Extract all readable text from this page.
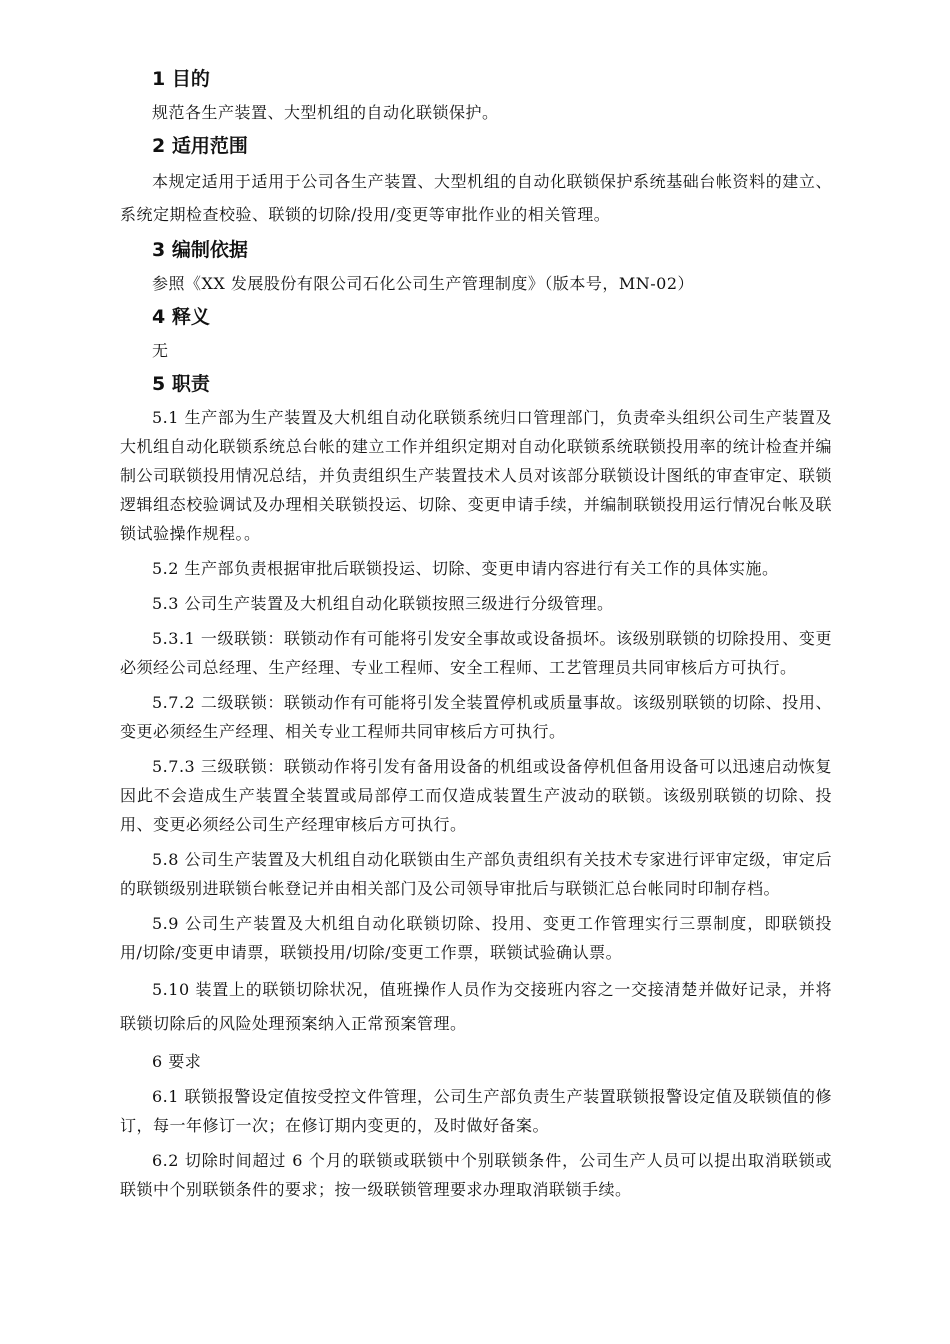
1 目的

规范各生产装置、大型机组的自动化联锁保护。

2 适用范围

本规定适用于适用于公司各生产装置、大型机组的自动化联锁保护系统基础台帐资料的建立、系统定期检查校验、联锁的切除/投用/变更等审批作业的相关管理。

3 编制依据

参照《XX 发展股份有限公司石化公司生产管理制度》（版本号，MN-02）

4 释义

无

5 职责

5.1 生产部为生产装置及大机组自动化联锁系统归口管理部门，负责牵头组织公司生产装置及大机组自动化联锁系统总台帐的建立工作并组织定期对自动化联锁系统联锁投用率的统计检查并编制公司联锁投用情况总结，并负责组织生产装置技术人员对该部分联锁设计图纸的审查审定、联锁逻辑组态校验调试及办理相关联锁投运、切除、变更申请手续，并编制联锁投用运行情况台帐及联锁试验操作规程。。

5.2 生产部负责根据审批后联锁投运、切除、变更申请内容进行有关工作的具体实施。

5.3 公司生产装置及大机组自动化联锁按照三级进行分级管理。

5.3.1 一级联锁：联锁动作有可能将引发安全事故或设备损坏。该级别联锁的切除投用、变更必须经公司总经理、生产经理、专业工程师、安全工程师、工艺管理员共同审核后方可执行。

5.7.2 二级联锁：联锁动作有可能将引发全装置停机或质量事故。该级别联锁的切除、投用、变更必须经生产经理、相关专业工程师共同审核后方可执行。

5.7.3 三级联锁：联锁动作将引发有备用设备的机组或设备停机但备用设备可以迅速启动恢复因此不会造成生产装置全装置或局部停工而仅造成装置生产波动的联锁。该级别联锁的切除、投用、变更必须经公司生产经理审核后方可执行。

5.8 公司生产装置及大机组自动化联锁由生产部负责组织有关技术专家进行评审定级，审定后的联锁级别进联锁台帐登记并由相关部门及公司领导审批后与联锁汇总台帐同时印制存档。

5.9 公司生产装置及大机组自动化联锁切除、投用、变更工作管理实行三票制度，即联锁投用/切除/变更申请票，联锁投用/切除/变更工作票，联锁试验确认票。

5.10 装置上的联锁切除状况，值班操作人员作为交接班内容之一交接清楚并做好记录，并将联锁切除后的风险处理预案纳入正常预案管理。

6 要求

6.1 联锁报警设定值按受控文件管理，公司生产部负责生产装置联锁报警设定值及联锁值的修订，每一年修订一次；在修订期内变更的，及时做好备案。

6.2 切除时间超过 6 个月的联锁或联锁中个别联锁条件，公司生产人员可以提出取消联锁或联锁中个别联锁条件的要求；按一级联锁管理要求办理取消联锁手续。
